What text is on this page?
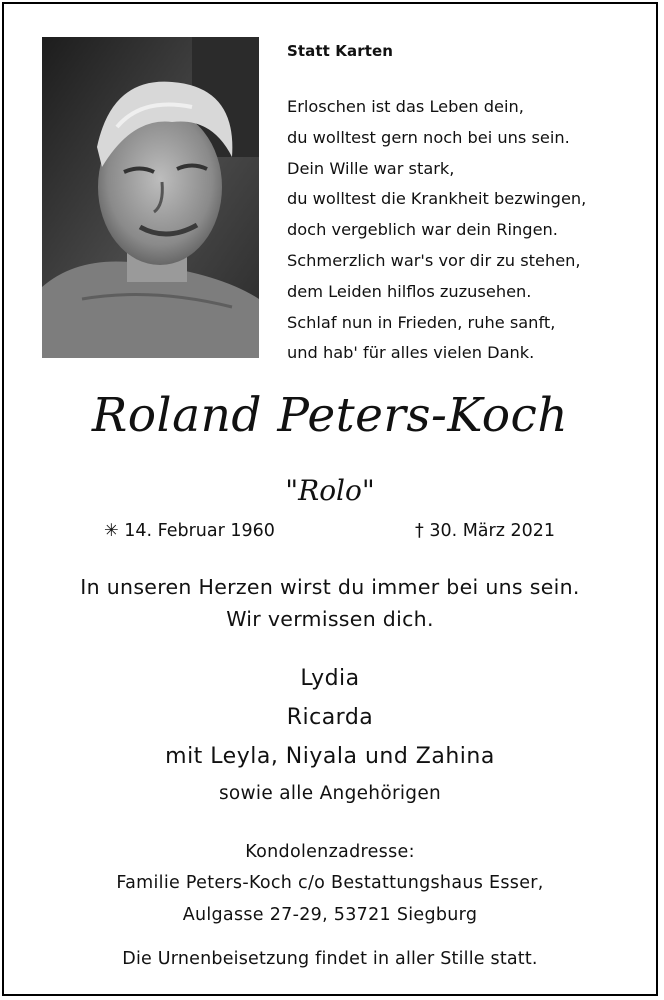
Statt Karten
Erloschen ist das Leben dein,
du wolltest gern noch bei uns sein.
Dein Wille war stark,
du wolltest die Krankheit bezwingen,
doch vergeblich war dein Ringen.
Schmerzlich war's vor dir zu stehen,
dem Leiden hilflos zuzusehen.
Schlaf nun in Frieden, ruhe sanft,
und hab' für alles vielen Dank.
Roland Peters-Koch
"Rolo"
✳ 14. Februar 1960	† 30. März 2021
In unseren Herzen wirst du immer bei uns sein.
Wir vermissen dich.
Lydia
Ricarda
mit Leyla, Niyala und Zahina
sowie alle Angehörigen
Kondolenzadresse:
Familie Peters-Koch c/o Bestattungshaus Esser,
Aulgasse 27-29, 53721 Siegburg
Die Urnenbeisetzung findet in aller Stille statt.
